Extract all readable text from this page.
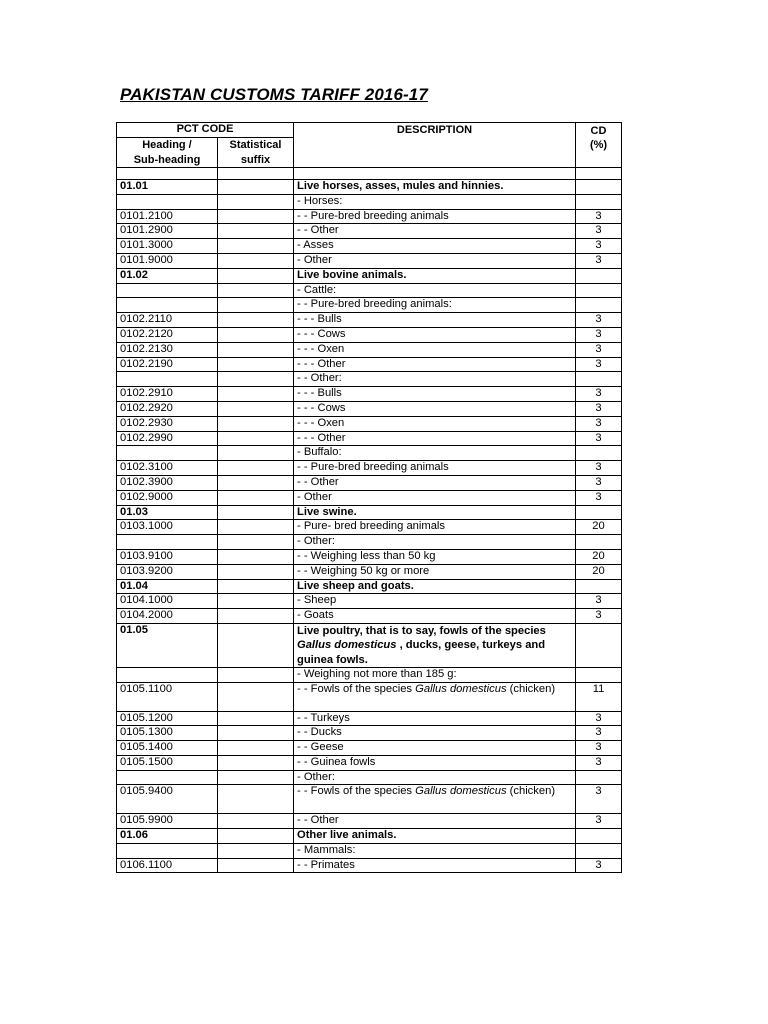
PAKISTAN CUSTOMS TARIFF 2016-17
PCT CODE		DESCRIPTION	CD
(%)
Heading /
Sub-heading	Statistical
suffix		

01.01		Live horses, asses, mules and hinnies.	
		- Horses:	
0101.2100		- - Pure-bred breeding animals	3
0101.2900		- - Other	3
0101.3000		- Asses	3
0101.9000		- Other	3
01.02		Live bovine animals.	
		- Cattle:	
		- - Pure-bred breeding animals:	
0102.2110		- - - Bulls	3
0102.2120		- - - Cows	3
0102.2130		- - - Oxen	3
0102.2190		- - - Other	3
		- - Other:	
0102.2910		- - - Bulls	3
0102.2920		- - - Cows	3
0102.2930		- - - Oxen	3
0102.2990		- - - Other	3
		- Buffalo:	
0102.3100		- - Pure-bred breeding animals	3
0102.3900		- - Other	3
0102.9000		- Other	3
01.03		Live swine.	
0103.1000		- Pure- bred breeding animals	20
		- Other:	
0103.9100		- - Weighing less than 50 kg	20
0103.9200		- - Weighing 50 kg or more	20
01.04		Live sheep and goats.	
0104.1000		- Sheep	3
0104.2000		- Goats	3
01.05		Live poultry, that is to say, fowls of the species Gallus domesticus , ducks, geese, turkeys and guinea fowls.	
		- Weighing not more than 185 g:	
0105.1100		- - Fowls of the species Gallus domesticus (chicken)	11
0105.1200		- - Turkeys	3
0105.1300		- - Ducks	3
0105.1400		- - Geese	3
0105.1500		- - Guinea fowls	3
		- Other:	
0105.9400		- - Fowls of the species Gallus domesticus (chicken)	3
0105.9900		- - Other	3
01.06		Other live animals.	
		- Mammals:	
0106.1100		- - Primates	3
